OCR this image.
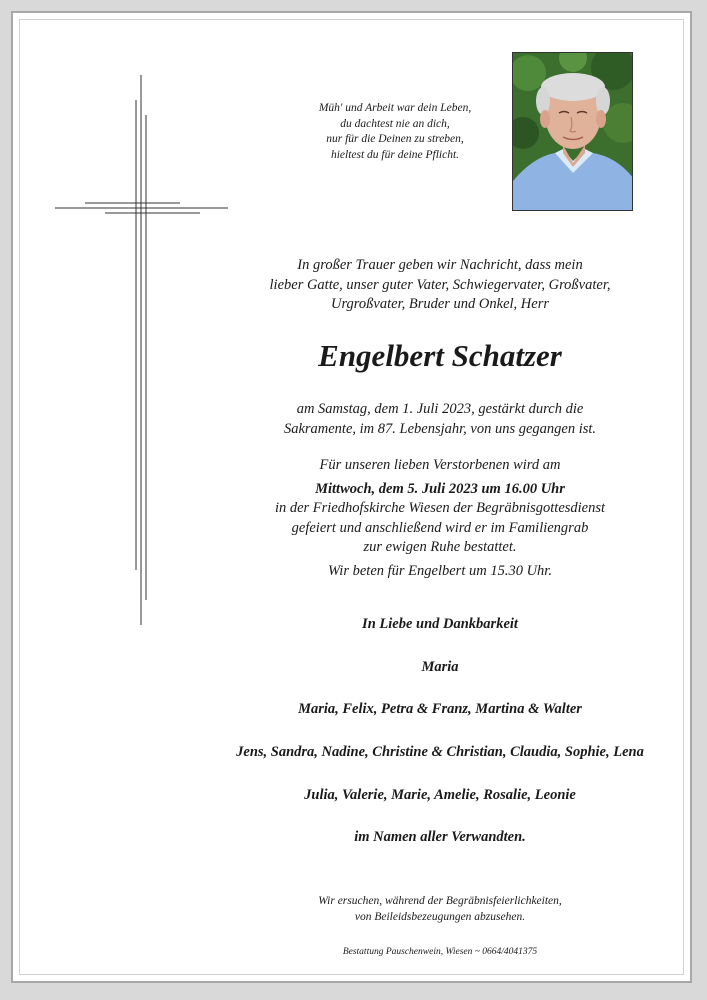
Müh' und Arbeit war dein Leben,
du dachtest nie an dich,
nur für die Deinen zu streben,
hieltest du für deine Pflicht.
In großer Trauer geben wir Nachricht, dass mein
lieber Gatte, unser guter Vater, Schwiegervater, Großvater,
Urgroßvater, Bruder und Onkel, Herr
Engelbert Schatzer
am Samstag, dem 1. Juli 2023, gestärkt durch die
Sakramente, im 87. Lebensjahr, von uns gegangen ist.
Für unseren lieben Verstorbenen wird am
Mittwoch, dem 5. Juli 2023 um 16.00 Uhr
in der Friedhofskirche Wiesen der Begräbnisgottesdienst
gefeiert und anschließend wird er im Familiengrab
zur ewigen Ruhe bestattet.
Wir beten für Engelbert um 15.30 Uhr.
In Liebe und Dankbarkeit
Maria
Maria, Felix, Petra & Franz, Martina & Walter
Jens, Sandra, Nadine, Christine & Christian, Claudia, Sophie, Lena
Julia, Valerie, Marie, Amelie, Rosalie, Leonie
im Namen aller Verwandten.
Wir ersuchen, während der Begräbnisfeierlichkeiten,
von Beileidsbezeugungen abzusehen.
Bestattung Pauschenwein, Wiesen ~ 0664/4041375
